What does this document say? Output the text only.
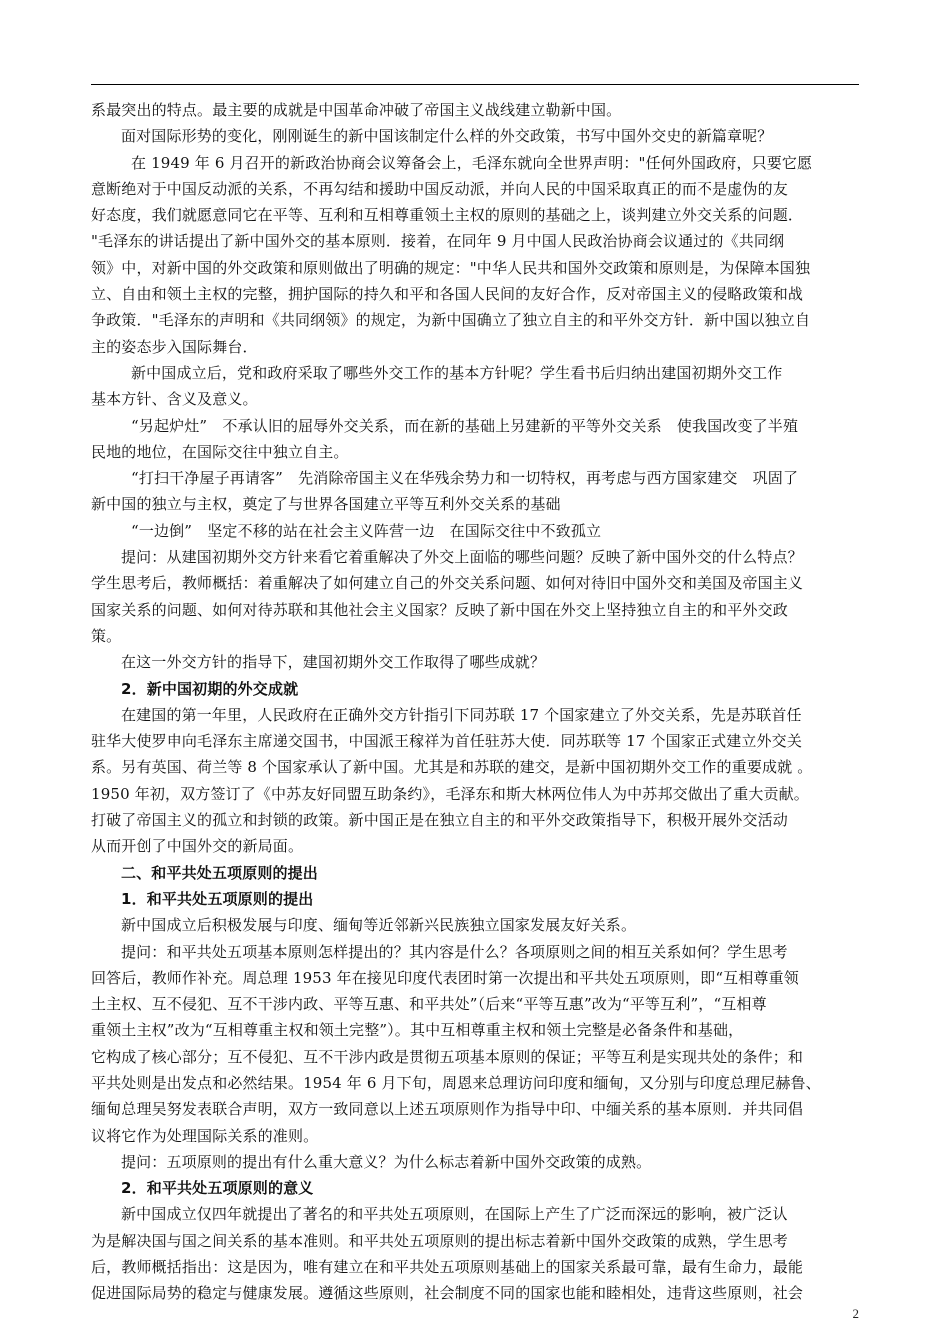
系最突出的特点。最主要的成就是中国革命冲破了帝国主义战线建立勒新中国。
面对国际形势的变化，刚刚诞生的新中国该制定什么样的外交政策，书写中国外交史的新篇章呢？
在 1949 年 6 月召开的新政治协商会议筹备会上，毛泽东就向全世界声明："任何外国政府，只要它愿
意断绝对于中国反动派的关系，不再勾结和援助中国反动派，并向人民的中国采取真正的而不是虚伪的友
好态度，我们就愿意同它在平等、互利和互相尊重领土主权的原则的基础之上，谈判建立外交关系的问题．
"毛泽东的讲话提出了新中国外交的基本原则．接着，在同年 9 月中国人民政治协商会议通过的《共同纲
领》中，对新中国的外交政策和原则做出了明确的规定："中华人民共和国外交政策和原则是，为保障本国独
立、自由和领土主权的完整，拥护国际的持久和平和各国人民间的友好合作，反对帝国主义的侵略政策和战
争政策．"毛泽东的声明和《共同纲领》的规定，为新中国确立了独立自主的和平外交方针．新中国以独立自
主的姿态步入国际舞台．
新中国成立后，党和政府采取了哪些外交工作的基本方针呢？学生看书后归纳出建国初期外交工作
基本方针、含义及意义。
“另起炉灶”　不承认旧的屈辱外交关系，而在新的基础上另建新的平等外交关系　使我国改变了半殖
民地的地位，在国际交往中独立自主。
“打扫干净屋子再请客”　先消除帝国主义在华残余势力和一切特权，再考虑与西方国家建交　巩固了
新中国的独立与主权，奠定了与世界各国建立平等互利外交关系的基础
“一边倒”　坚定不移的站在社会主义阵营一边　在国际交往中不致孤立
提问：从建国初期外交方针来看它着重解决了外交上面临的哪些问题？反映了新中国外交的什么特点？
学生思考后，教师概括：着重解决了如何建立自己的外交关系问题、如何对待旧中国外交和美国及帝国主义
国家关系的问题、如何对待苏联和其他社会主义国家？反映了新中国在外交上坚持独立自主的和平外交政
策。
在这一外交方针的指导下，建国初期外交工作取得了哪些成就？
2．新中国初期的外交成就
在建国的第一年里，人民政府在正确外交方针指引下同苏联 17 个国家建立了外交关系，先是苏联首任
驻华大使罗申向毛泽东主席递交国书，中国派王稼祥为首任驻苏大使．同苏联等 17 个国家正式建立外交关
系。另有英国、荷兰等 8 个国家承认了新中国。尤其是和苏联的建交，是新中国初期外交工作的重要成就 。
1950 年初，双方签订了《中苏友好同盟互助条约》，毛泽东和斯大林两位伟人为中苏邦交做出了重大贡献。
打破了帝国主义的孤立和封锁的政策。新中国正是在独立自主的和平外交政策指导下，积极开展外交活动
从而开创了中国外交的新局面。
二、和平共处五项原则的提出
1．和平共处五项原则的提出
新中国成立后积极发展与印度、缅甸等近邻新兴民族独立国家发展友好关系。
提问：和平共处五项基本原则怎样提出的？其内容是什么？各项原则之间的相互关系如何？学生思考
回答后，教师作补充。周总理 1953 年在接见印度代表团时第一次提出和平共处五项原则，即“互相尊重领
土主权、互不侵犯、互不干涉内政、平等互惠、和平共处”（后来“平等互惠”改为“平等互利”，“互相尊
重领土主权”改为“互相尊重主权和领土完整”）。其中互相尊重主权和领土完整是必备条件和基础，
它构成了核心部分；互不侵犯、互不干涉内政是贯彻五项基本原则的保证；平等互利是实现共处的条件；和
平共处则是出发点和必然结果。1954 年 6 月下旬，周恩来总理访问印度和缅甸，又分别与印度总理尼赫鲁、
缅甸总理吴努发表联合声明，双方一致同意以上述五项原则作为指导中印、中缅关系的基本原则．并共同倡
议将它作为处理国际关系的准则。
提问：五项原则的提出有什么重大意义？为什么标志着新中国外交政策的成熟。
2．和平共处五项原则的意义
新中国成立仅四年就提出了著名的和平共处五项原则，在国际上产生了广泛而深远的影响，被广泛认
为是解决国与国之间关系的基本准则。和平共处五项原则的提出标志着新中国外交政策的成熟，学生思考
后，教师概括指出：这是因为，唯有建立在和平共处五项原则基础上的国家关系最可靠，最有生命力，最能
促进国际局势的稳定与健康发展。遵循这些原则，社会制度不同的国家也能和睦相处，违背这些原则，社会
2
